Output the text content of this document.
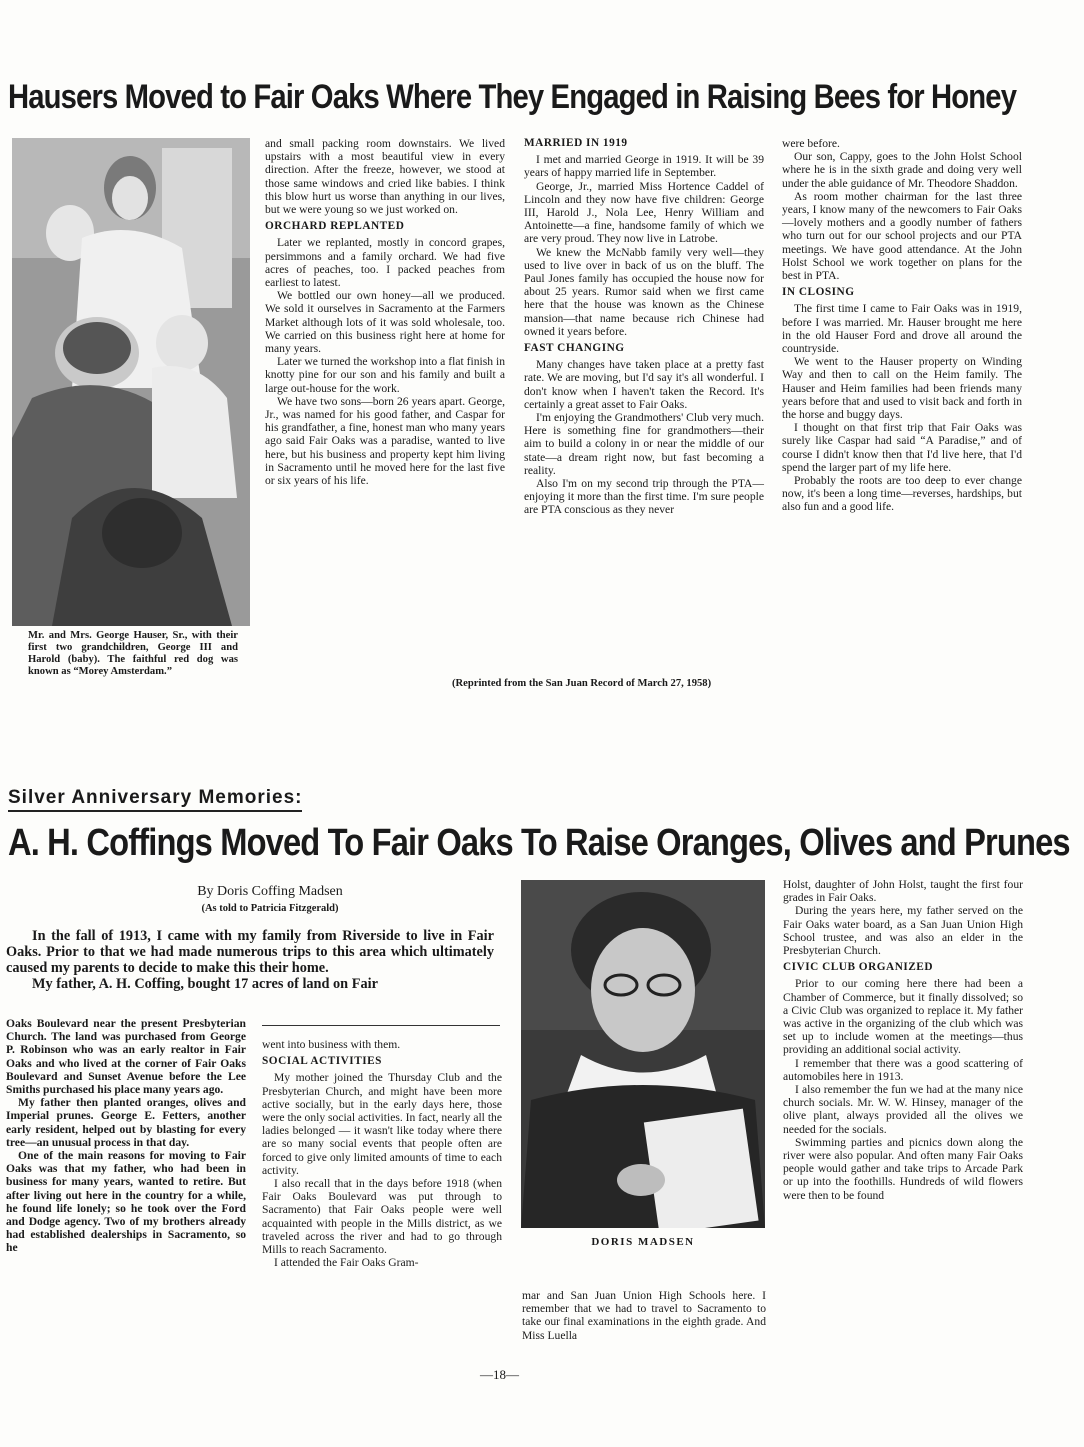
Hausers Moved to Fair Oaks Where They Engaged in Raising Bees for Honey
Mr. and Mrs. George Hauser, Sr., with their first two grandchildren, George III and Harold (baby). The faithful red dog was known as “Morey Amsterdam.”

and small packing room downstairs. We lived upstairs with a most beautiful view in every direction. After the freeze, however, we stood at those same windows and cried like babies. I think this blow hurt us worse than anything in our lives, but we were young so we just worked on.

ORCHARD REPLANTED

Later we replanted, mostly in concord grapes, persimmons and a family orchard. We had five acres of peaches, too. I packed peaches from earliest to latest.

We bottled our own honey—all we produced. We sold it ourselves in Sacramento at the Farmers Market although lots of it was sold wholesale, too. We carried on this business right here at home for many years.

Later we turned the workshop into a flat finish in knotty pine for our son and his family and built a large out-house for the work.

We have two sons—born 26 years apart. George, Jr., was named for his good father, and Caspar for his grandfather, a fine, honest man who many years ago said Fair Oaks was a paradise, wanted to live here, but his business and property kept him living in Sacramento until he moved here for the last five or six years of his life.

MARRIED IN 1919

I met and married George in 1919. It will be 39 years of happy married life in September.

George, Jr., married Miss Hortence Caddel of Lincoln and they now have five children: George III, Harold J., Nola Lee, Henry William and Antoinette—a fine, handsome family of which we are very proud. They now live in Latrobe.

We knew the McNabb family very well—they used to live over in back of us on the bluff. The Paul Jones family has occupied the house now for about 25 years. Rumor said when we first came here that the house was known as the Chinese mansion—that name because rich Chinese had owned it years before.

FAST CHANGING

Many changes have taken place at a pretty fast rate. We are moving, but I'd say it's all wonderful. I don't know when I haven't taken the Record. It's certainly a great asset to Fair Oaks.

I'm enjoying the Grandmothers' Club very much. Here is something fine for grandmothers—their aim to build a colony in or near the middle of our state—a dream right now, but fast becoming a reality.

Also I'm on my second trip through the PTA—enjoying it more than the first time. I'm sure people are PTA conscious as they never

were before.

Our son, Cappy, goes to the John Holst School where he is in the sixth grade and doing very well under the able guidance of Mr. Theodore Shaddon.

As room mother chairman for the last three years, I know many of the newcomers to Fair Oaks—lovely mothers and a goodly number of fathers who turn out for our school projects and our PTA meetings. We have good attendance. At the John Holst School we work together on plans for the best in PTA.

IN CLOSING

The first time I came to Fair Oaks was in 1919, before I was married. Mr. Hauser brought me here in the old Hauser Ford and drove all around the countryside.

We went to the Hauser property on Winding Way and then to call on the Heim family. The Hauser and Heim families had been friends many years before that and used to visit back and forth in the horse and buggy days.

I thought on that first trip that Fair Oaks was surely like Caspar had said “A Paradise,” and of course I didn't know then that I'd live here, that I'd spend the larger part of my life here.

Probably the roots are too deep to ever change now, it's been a long time—reverses, hardships, but also fun and a good life.

(Reprinted from the San Juan Record of March 27, 1958)
Silver Anniversary Memories:
A. H. Coffings Moved To Fair Oaks To Raise Oranges, Olives and Prunes
By Doris Coffing Madsen
(As told to Patricia Fitzgerald)

In the fall of 1913, I came with my family from Riverside to live in Fair Oaks. Prior to that we had made numerous trips to this area which ultimately caused my parents to decide to make this their home.

My father, A. H. Coffing, bought 17 acres of land on Fair

Oaks Boulevard near the present Presbyterian Church. The land was purchased from George P. Robinson who was an early realtor in Fair Oaks and who lived at the corner of Fair Oaks Boulevard and Sunset Avenue before the Lee Smiths purchased his place many years ago.

My father then planted oranges, olives and Imperial prunes. George E. Fetters, another early resident, helped out by blasting for every tree—an unusual process in that day.

One of the main reasons for moving to Fair Oaks was that my father, who had been in business for many years, wanted to retire. But after living out here in the country for a while, he found life lonely; so he took over the Ford and Dodge agency. Two of my brothers already had established dealerships in Sacramento, so he

went into business with them.

SOCIAL ACTIVITIES

My mother joined the Thursday Club and the Presbyterian Church, and might have been more active socially, but in the early days here, those were the only social activities. In fact, nearly all the ladies belonged — it wasn't like today where there are so many social events that people often are forced to give only limited amounts of time to each activity.

I also recall that in the days before 1918 (when Fair Oaks Boulevard was put through to Sacramento) that Fair Oaks people were well acquainted with people in the Mills district, as we traveled across the river and had to go through Mills to reach Sacramento.

I attended the Fair Oaks Gram-

DORIS MADSEN

mar and San Juan Union High Schools here. I remember that we had to travel to Sacramento to take our final examinations in the eighth grade. And Miss Luella

Holst, daughter of John Holst, taught the first four grades in Fair Oaks.

During the years here, my father served on the Fair Oaks water board, as a San Juan Union High School trustee, and was also an elder in the Presbyterian Church.

CIVIC CLUB ORGANIZED

Prior to our coming here there had been a Chamber of Commerce, but it finally dissolved; so a Civic Club was organized to replace it. My father was active in the organizing of the club which was set up to include women at the meetings—thus providing an additional social activity.

I remember that there was a good scattering of automobiles here in 1913.

I also remember the fun we had at the many nice church socials. Mr. W. W. Hinsey, manager of the olive plant, always provided all the olives we needed for the socials.

Swimming parties and picnics down along the river were also popular. And often many Fair Oaks people would gather and take trips to Arcade Park or up into the foothills. Hundreds of wild flowers were then to be found

—18—
